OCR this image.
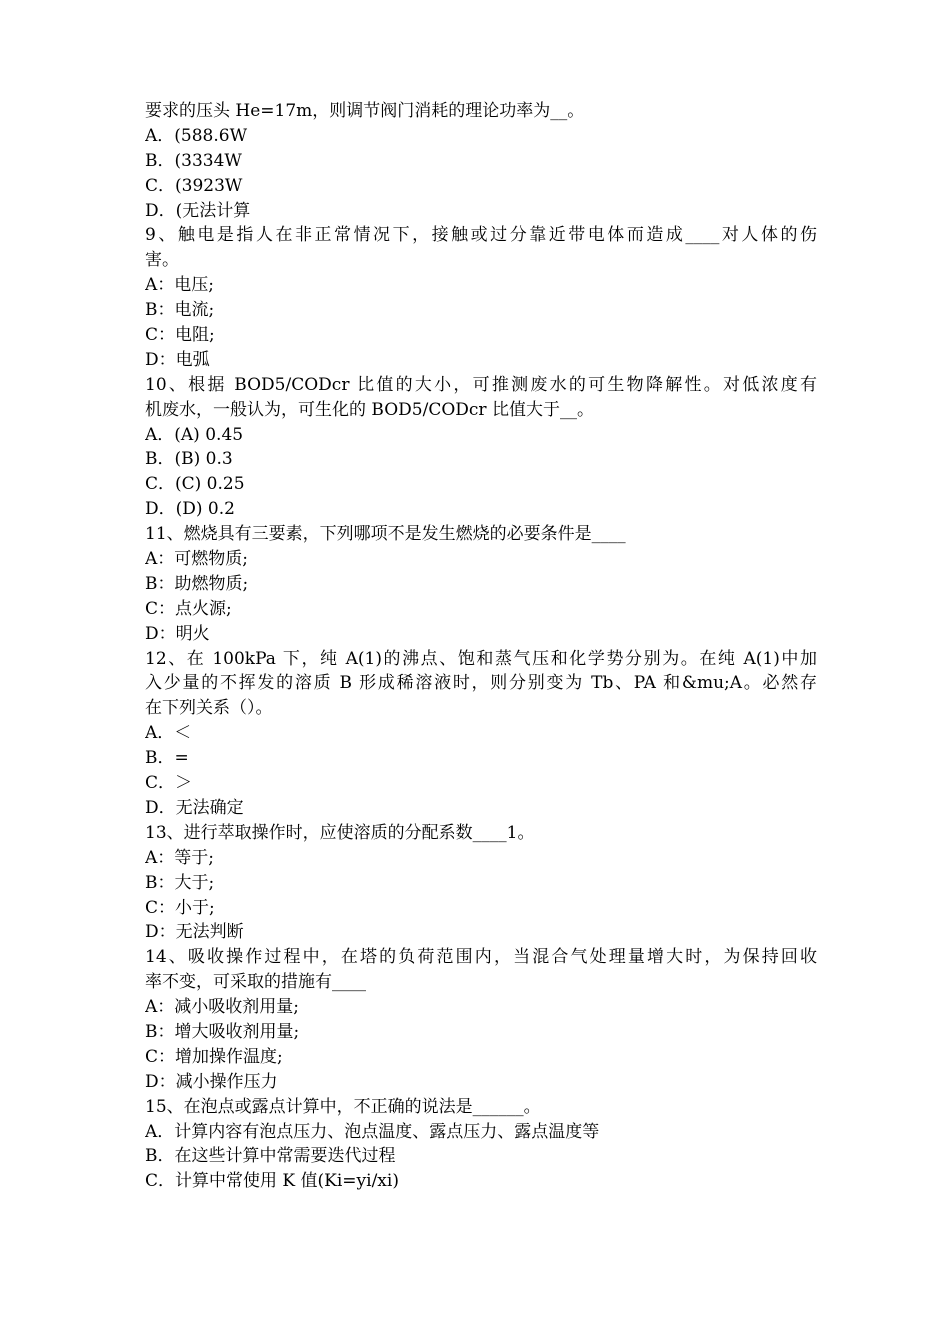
要求的压头 He=17m，则调节阀门消耗的理论功率为__。
A．(588.6W
B．(3334W
C．(3923W
D．(无法计算
9、触电是指人在非正常情况下，接触或过分靠近带电体而造成____对人体的伤
害。
A：电压;
B：电流;
C：电阻;
D：电弧
10、根据 BOD5/CODcr 比值的大小，可推测废水的可生物降解性。对低浓度有
机废水，一般认为，可生化的 BOD5/CODcr 比值大于__。
A．(A) 0.45
B．(B) 0.3
C．(C) 0.25
D．(D) 0.2
11、燃烧具有三要素，下列哪项不是发生燃烧的必要条件是____
A：可燃物质;
B：助燃物质;
C：点火源;
D：明火
12、在 100kPa 下，纯 A(1)的沸点、饱和蒸气压和化学势分别为。在纯 A(1)中加
入少量的不挥发的溶质 B 形成稀溶液时，则分别变为 Tb、PA 和&mu;A。必然存
在下列关系（）。
A．＜
B．=
C．＞
D．无法确定
13、进行萃取操作时，应使溶质的分配系数____1。
A：等于;
B：大于;
C：小于;
D：无法判断
14、吸收操作过程中，在塔的负荷范围内，当混合气处理量增大时，为保持回收
率不变，可采取的措施有____
A：减小吸收剂用量;
B：增大吸收剂用量;
C：增加操作温度;
D：减小操作压力
15、在泡点或露点计算中，不正确的说法是______。
A．计算内容有泡点压力、泡点温度、露点压力、露点温度等
B．在这些计算中常需要迭代过程
C．计算中常使用 K 值(Ki=yi/xi)
